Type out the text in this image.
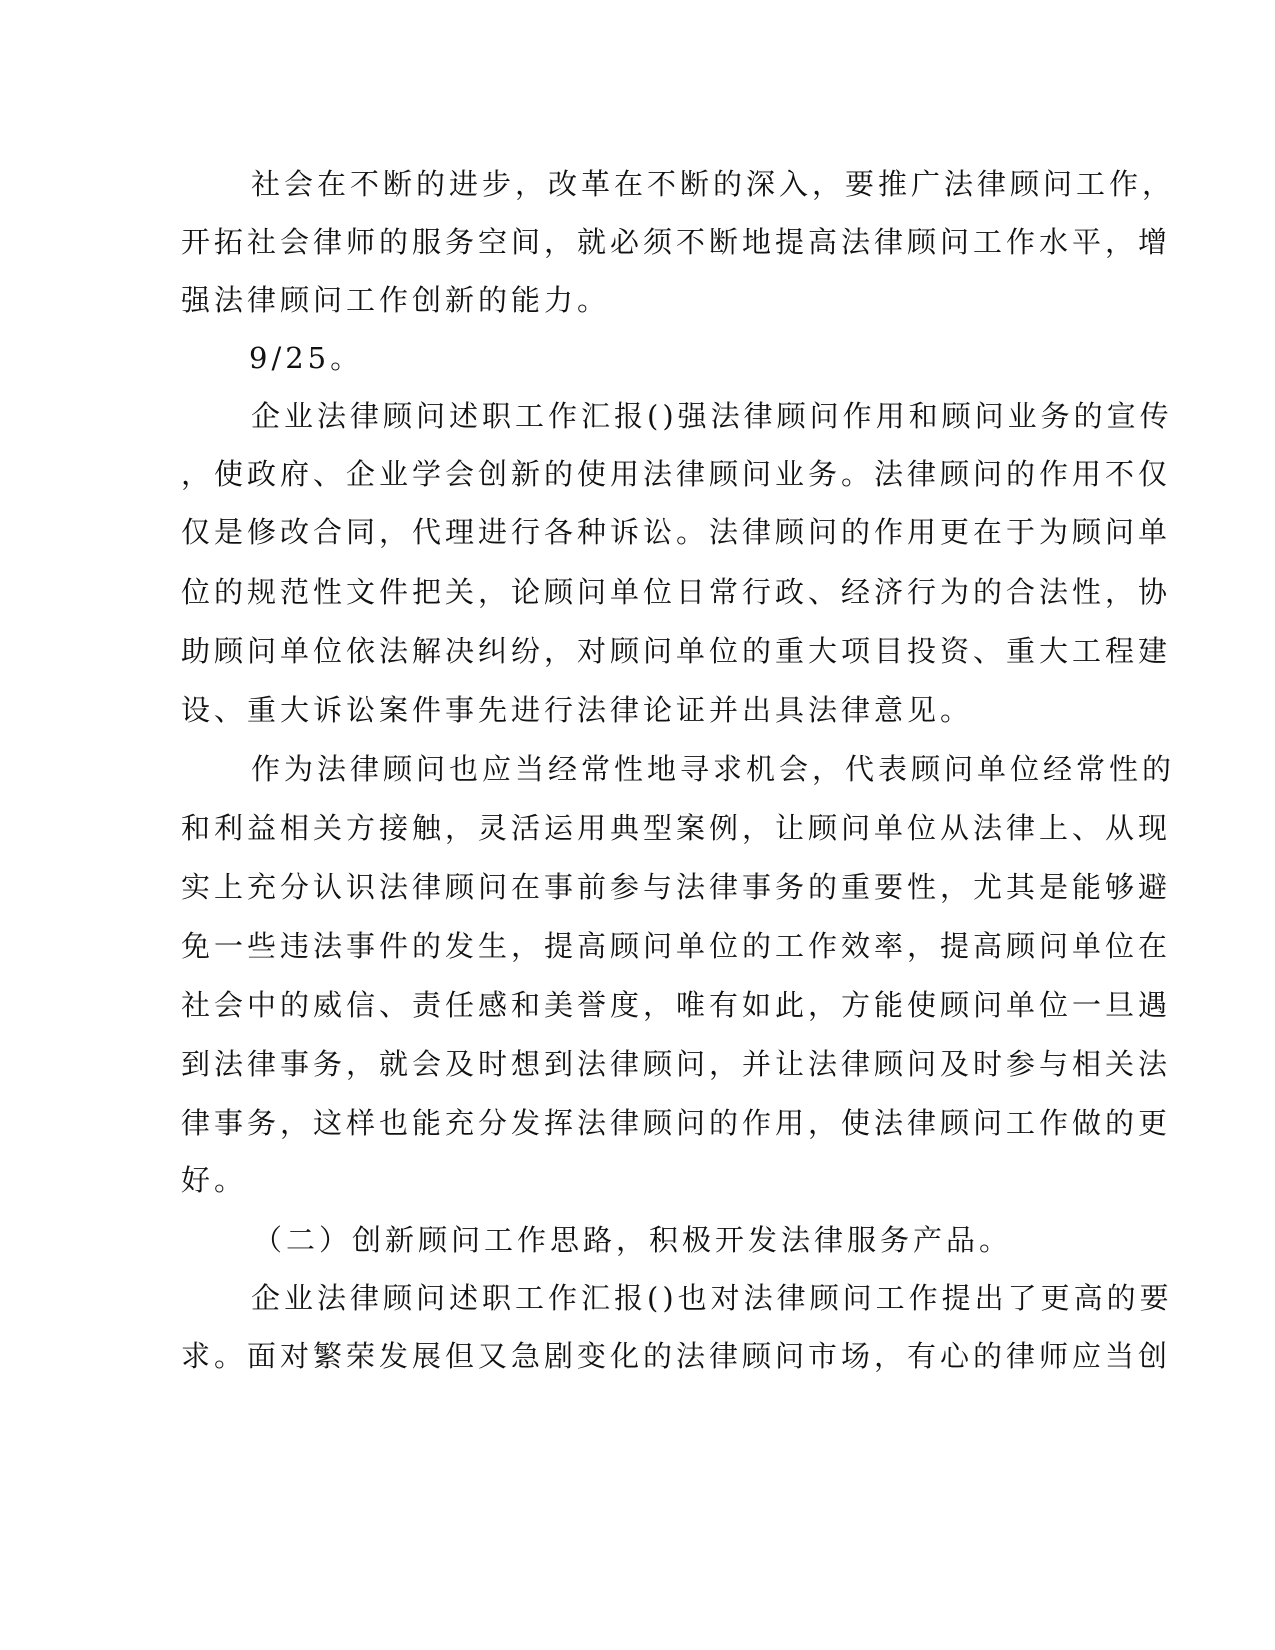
社会在不断的进步，改革在不断的深入，要推广法律顾问工作，
开拓社会律师的服务空间，就必须不断地提高法律顾问工作水平，增
强法律顾问工作创新的能力。
9/25。
企业法律顾问述职工作汇报()强法律顾问作用和顾问业务的宣传
，使政府、企业学会创新的使用法律顾问业务。法律顾问的作用不仅
仅是修改合同，代理进行各种诉讼。法律顾问的作用更在于为顾问单
位的规范性文件把关，论顾问单位日常行政、经济行为的合法性，协
助顾问单位依法解决纠纷，对顾问单位的重大项目投资、重大工程建
设、重大诉讼案件事先进行法律论证并出具法律意见。
作为法律顾问也应当经常性地寻求机会，代表顾问单位经常性的
和利益相关方接触，灵活运用典型案例，让顾问单位从法律上、从现
实上充分认识法律顾问在事前参与法律事务的重要性，尤其是能够避
免一些违法事件的发生，提高顾问单位的工作效率，提高顾问单位在
社会中的威信、责任感和美誉度，唯有如此，方能使顾问单位一旦遇
到法律事务，就会及时想到法律顾问，并让法律顾问及时参与相关法
律事务，这样也能充分发挥法律顾问的作用，使法律顾问工作做的更
好。
（二）创新顾问工作思路，积极开发法律服务产品。
企业法律顾问述职工作汇报()也对法律顾问工作提出了更高的要
求。面对繁荣发展但又急剧变化的法律顾问市场，有心的律师应当创
